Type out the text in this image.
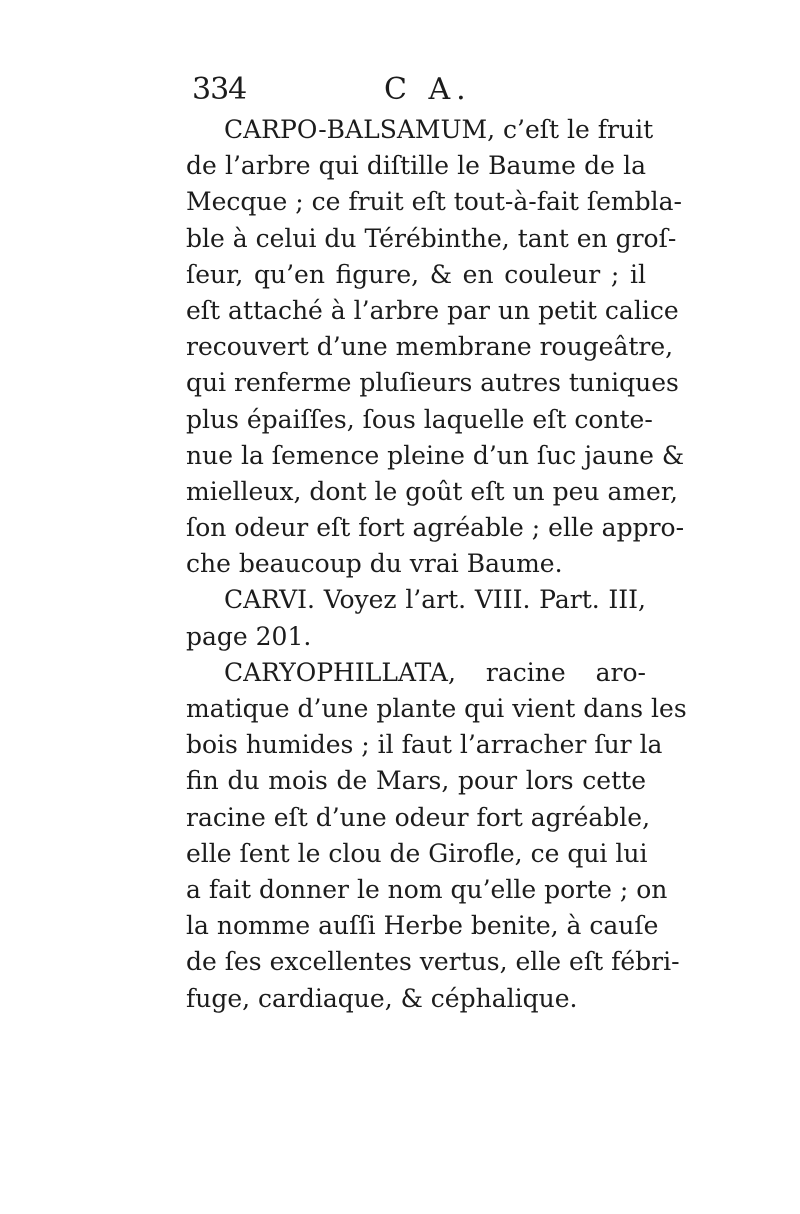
334	C A.
CARPO-BALSAMUM, c’eſt le fruit
de l’arbre qui diſtille le Baume de la
Mecque ; ce fruit eſt tout-à-fait ſembla-
ble à celui du Térébinthe, tant en groſ-
ſeur, qu’en figure, & en couleur ; il
eſt attaché à l’arbre par un petit calice
recouvert d’une membrane rougeâtre,
qui renferme pluſieurs autres tuniques
plus épaiſſes, ſous laquelle eſt conte-
nue la ſemence pleine d’un ſuc jaune &
mielleux, dont le goût eſt un peu amer,
ſon odeur eſt fort agréable ; elle appro-
che beaucoup du vrai Baume.
CARVI. Voyez l’art. VIII. Part. III,
page 201.
CARYOPHILLATA, racine aro-
matique d’une plante qui vient dans les
bois humides ; il faut l’arracher ſur la
fin du mois de Mars, pour lors cette
racine eſt d’une odeur fort agréable,
elle ſent le clou de Girofle, ce qui lui
a fait donner le nom qu’elle porte ; on
la nomme auſſi Herbe benite, à cauſe
de ſes excellentes vertus, elle eſt fébri-
fuge, cardiaque, & céphalique.
